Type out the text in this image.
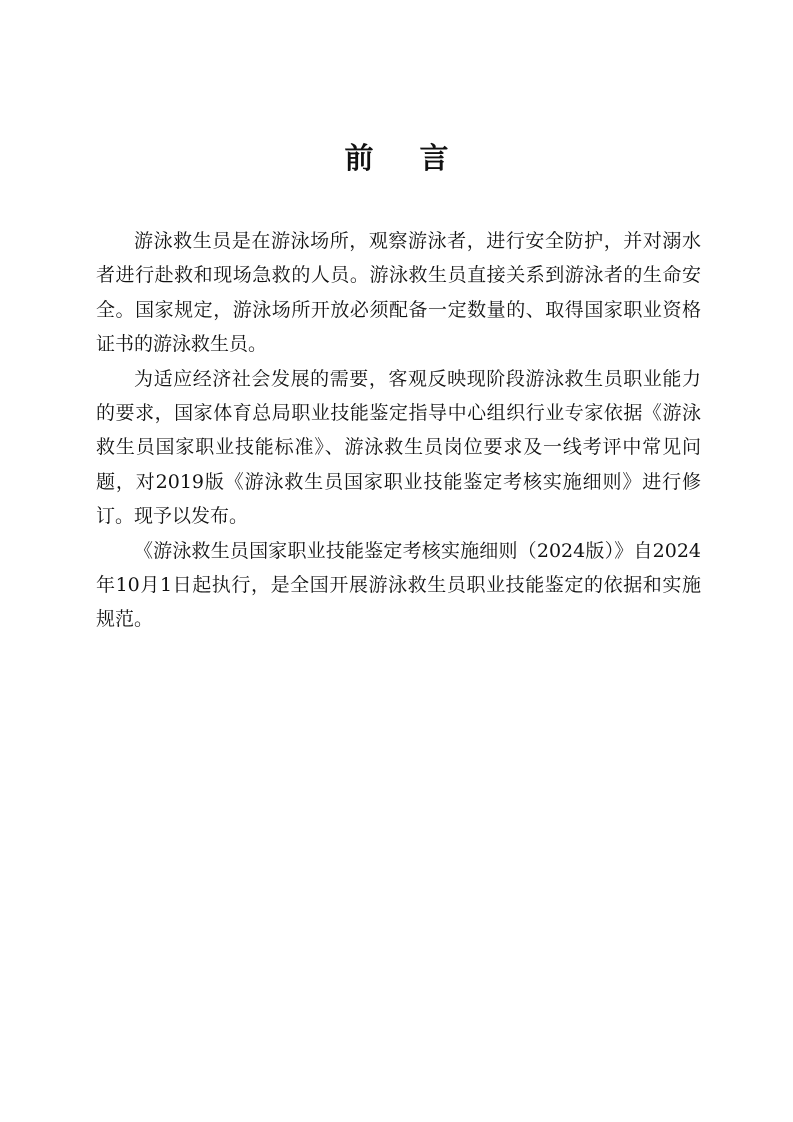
前言

游泳救生员是在游泳场所，观察游泳者，进行安全防护，并对溺水者进行赴救和现场急救的人员。游泳救生员直接关系到游泳者的生命安全。国家规定，游泳场所开放必须配备一定数量的、取得国家职业资格证书的游泳救生员。

为适应经济社会发展的需要，客观反映现阶段游泳救生员职业能力的要求，国家体育总局职业技能鉴定指导中心组织行业专家依据《游泳救生员国家职业技能标准》、游泳救生员岗位要求及一线考评中常见问题，对2019版《游泳救生员国家职业技能鉴定考核实施细则》进行修订。现予以发布。

《游泳救生员国家职业技能鉴定考核实施细则（2024版）》自2024年10月1日起执行，是全国开展游泳救生员职业技能鉴定的依据和实施规范。
